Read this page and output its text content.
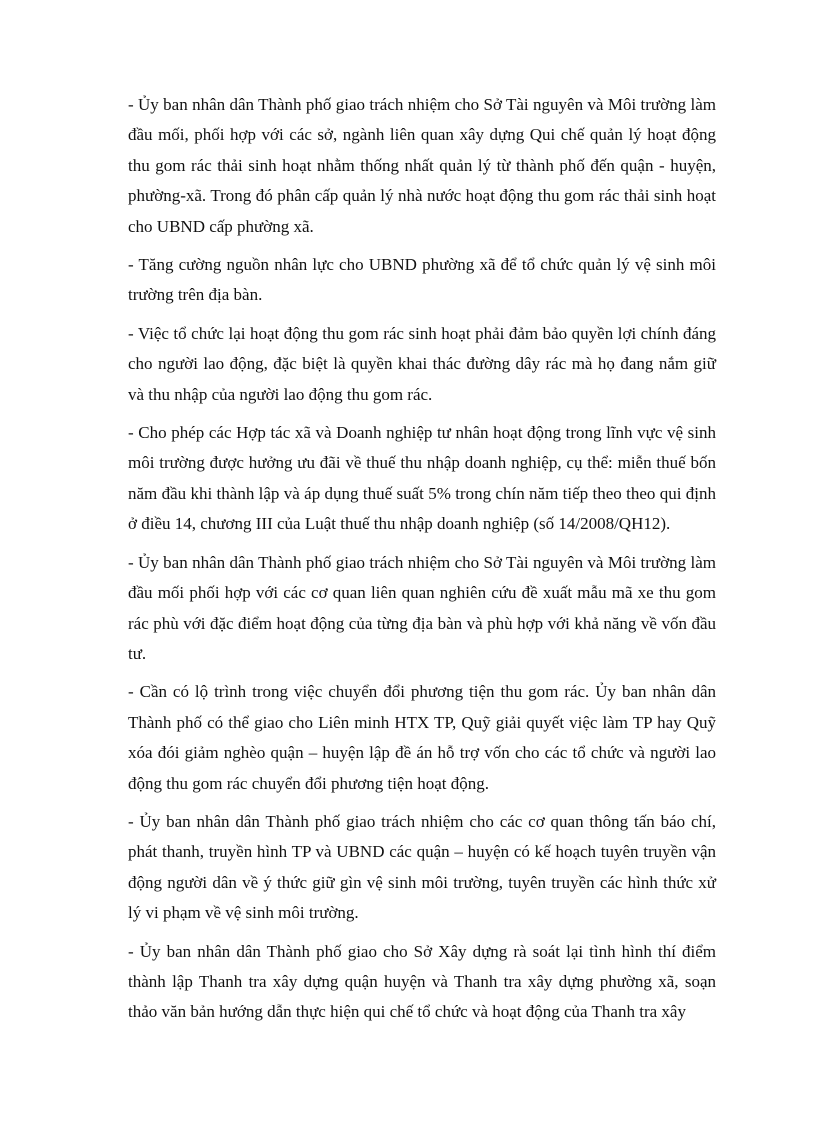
- Ủy ban nhân dân Thành phố giao trách nhiệm cho Sở Tài nguyên và Môi trường làm đầu mối, phối hợp với các sở, ngành liên quan xây dựng Qui chế quản lý hoạt động thu gom rác thải sinh hoạt nhằm thống nhất quản lý từ thành phố đến quận - huyện, phường-xã. Trong đó phân cấp quản lý nhà nước hoạt động thu gom rác thải sinh hoạt cho UBND cấp phường xã.

- Tăng cường nguồn nhân lực cho UBND phường xã để tổ chức quản lý vệ sinh môi trường trên địa bàn.

- Việc tổ chức lại hoạt động thu gom rác sinh hoạt phải đảm bảo quyền lợi chính đáng cho người lao động, đặc biệt là quyền khai thác đường dây rác mà họ đang nắm giữ và thu nhập của người lao động thu gom rác.

- Cho phép các Hợp tác xã và Doanh nghiệp tư nhân hoạt động trong lĩnh vực vệ sinh môi trường được hưởng ưu đãi về thuế thu nhập doanh nghiệp, cụ thể: miễn thuế bốn năm đầu khi thành lập và áp dụng thuế suất 5% trong chín năm tiếp theo theo qui định ở điều 14, chương III của Luật thuế thu nhập doanh nghiệp (số 14/2008/QH12).

- Ủy ban nhân dân Thành phố giao trách nhiệm cho Sở Tài nguyên và Môi trường làm đầu mối phối hợp với các cơ quan liên quan nghiên cứu đề xuất mẫu mã xe thu gom rác phù với đặc điểm hoạt động của từng địa bàn và phù hợp với khả năng về vốn đầu tư.

- Cần có lộ trình trong việc chuyển đổi phương tiện thu gom rác. Ủy ban nhân dân Thành phố có thể giao cho Liên minh HTX TP, Quỹ giải quyết việc làm TP hay Quỹ xóa đói giảm nghèo quận – huyện lập đề án hỗ trợ vốn cho các tổ chức và người lao động thu gom rác chuyển đổi phương tiện hoạt động.

- Ủy ban nhân dân Thành phố giao trách nhiệm cho các cơ quan thông tấn báo chí, phát thanh, truyền hình TP và UBND các quận – huyện có kế hoạch tuyên truyền vận động người dân về ý thức giữ gìn vệ sinh môi trường, tuyên truyền các hình thức xử lý vi phạm về vệ sinh môi trường.

- Ủy ban nhân dân Thành phố giao cho Sở Xây dựng rà soát lại tình hình thí điểm thành lập Thanh tra xây dựng quận huyện và Thanh tra xây dựng phường xã, soạn thảo văn bản hướng dẫn thực hiện qui chế tổ chức và hoạt động của Thanh tra xây
